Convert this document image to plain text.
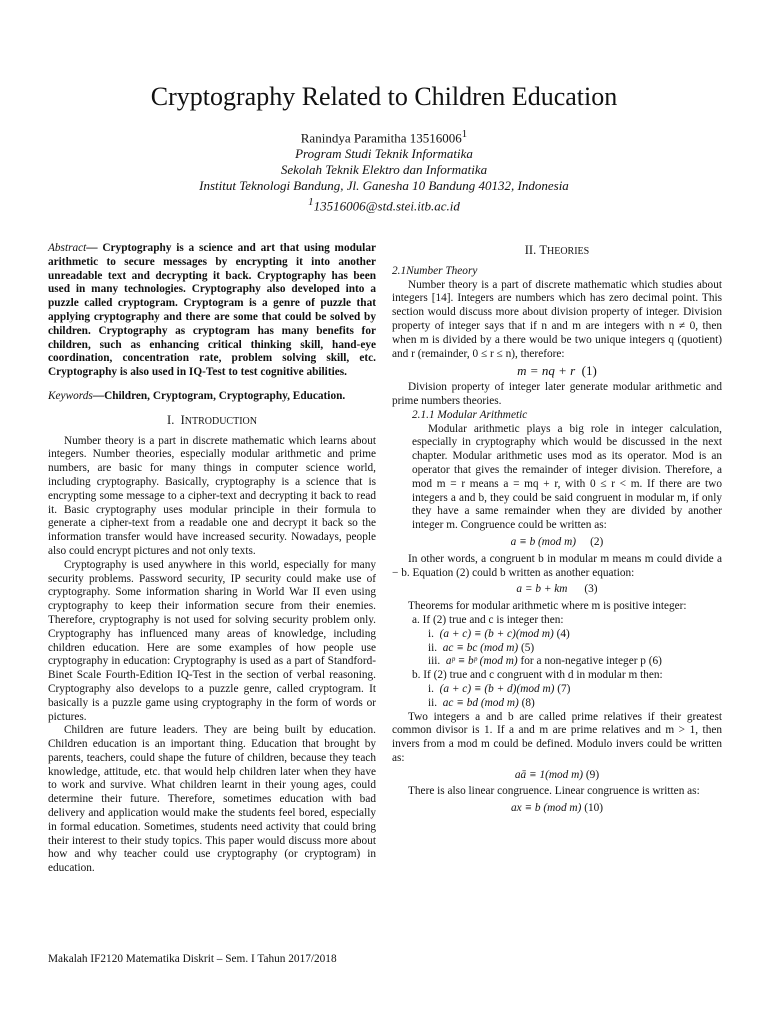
Cryptography Related to Children Education
Ranindya Paramitha 13516006$^1$
Program Studi Teknik Informatika
Sekolah Teknik Elektro dan Informatika
Institut Teknologi Bandung, Jl. Ganesha 10 Bandung 40132, Indonesia
$^1$13516006@std.stei.itb.ac.id

Abstract— Cryptography is a science and art that using modular arithmetic to secure messages by encrypting it into another unreadable text and decrypting it back. Cryptography has been used in many technologies. Cryptography also developed into a puzzle called cryptogram. Cryptogram is a genre of puzzle that applying cryptography and there are some that could be solved by children. Cryptography as cryptogram has many benefits for children, such as enhancing critical thinking skill, hand-eye coordination, concentration rate, problem solving skill, etc. Cryptography is also used in IQ-Test to test cognitive abilities.

Keywords—Children, Cryptogram, Cryptography, Education.

I. INTRODUCTION

Number theory is a part in discrete mathematic which learns about integers. Number theories, especially modular arithmetic and prime numbers, are basic for many things in computer science world, including cryptography. Basically, cryptography is a science that is encrypting some message to a cipher-text and decrypting it back to read it. Basic cryptography uses modular principle in their formula to generate a cipher-text from a readable one and decrypt it back so the information transfer would have increased security. Nowadays, people also could encrypt pictures and not only texts.

Cryptography is used anywhere in this world, especially for many security problems. Password security, IP security could make use of cryptography. Some information sharing in World War II even using cryptography to keep their information secure from their enemies. Therefore, cryptography is not used for solving security problem only. Cryptography has influenced many areas of knowledge, including children education. Here are some examples of how people use cryptography in education: Cryptography is used as a part of Standford-Binet Scale Fourth-Edition IQ-Test in the section of verbal reasoning. Cryptography also develops to a puzzle genre, called cryptogram. It basically is a puzzle game using cryptography in the form of words or pictures.

Children are future leaders. They are being built by education. Children education is an important thing. Education that brought by parents, teachers, could shape the future of children, because they teach knowledge, attitude, etc. that would help children later when they have to work and survive. What children learnt in their young ages, could determine their future. Therefore, sometimes education with bad delivery and application would make the students feel bored, especially in formal education. Sometimes, students need activity that could bring their interest to their study topics. This paper would discuss more about how and why teacher could use cryptography (or cryptogram) in education.

II. THEORIES

2.1Number Theory

Number theory is a part of discrete mathematic which studies about integers [14]. Integers are numbers which has zero decimal point. This section would discuss more about division property of integer. Division property of integer says that if n and m are integers with n ≠ 0, then when m is divided by a there would be two unique integers q (quotient) and r (remainder, 0 ≤ r ≤ n), therefore:

m = nq + r (1)

Division property of integer later generate modular arithmetic and prime numbers theories.

2.1.1 Modular Arithmetic

Modular arithmetic plays a big role in integer calculation, especially in cryptography which would be discussed in the next chapter. Modular arithmetic uses mod as its operator. Mod is an operator that gives the remainder of integer division. Therefore, a mod m = r means a = mq + r, with 0 ≤ r < m. If there are two integers a and b, they could be said congruent in modular m, if only they have a same remainder when they are divided by another integer m. Congruence could be written as:

a ≡ b (mod m) (2)

In other words, a congruent b in modular m means m could divide a − b. Equation (2) could b written as another equation:

a = b + km (3)

Theorems for modular arithmetic where m is positive integer:

a. If (2) true and c is integer then:

i. (a + c) ≡ (b + c)(mod m) (4)

ii. ac ≡ bc (mod m) (5)

iii. aᵖ ≡ bᵖ (mod m) for a non-negative integer p (6)

b. If (2) true and c congruent with d in modular m then:

i. (a + c) ≡ (b + d)(mod m) (7)

ii. ac ≡ bd (mod m) (8)

Two integers a and b are called prime relatives if their greatest common divisor is 1. If a and m are prime relatives and m > 1, then invers from a mod m could be defined. Modulo invers could be written as:

aā ≡ 1(mod m) (9)

There is also linear congruence. Linear congruence is written as:

ax ≡ b (mod m) (10)

Makalah IF2120 Matematika Diskrit – Sem. I Tahun 2017/2018
